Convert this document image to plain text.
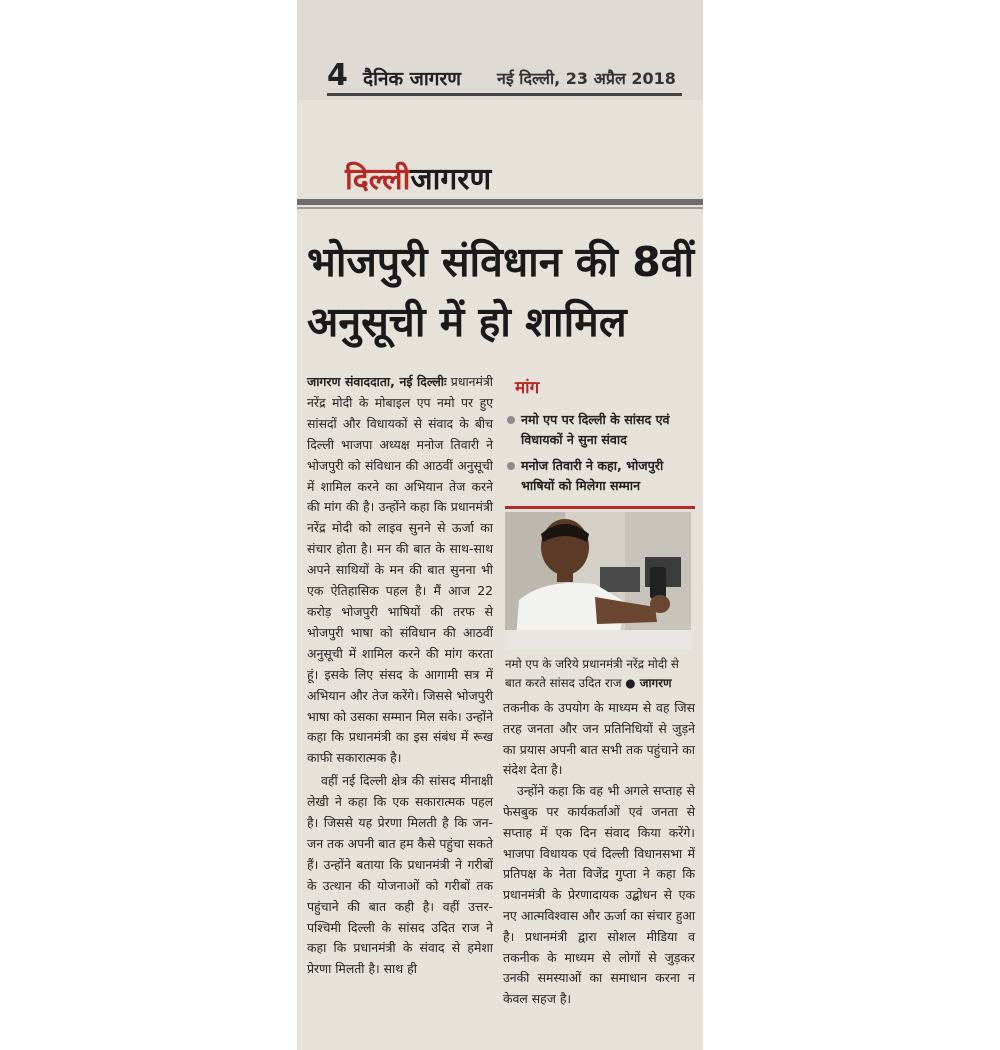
4 दैनिक जागरण नई दिल्ली, 23 अप्रैल 2018
दिल्लीजागरण
भोजपुरी संविधान की 8वीं
अनुसूची में हो शामिल

जागरण संवाददाता, नई दिल्लीः प्रधानमंत्री नरेंद्र मोदी के मोबाइल एप नमो पर हुए सांसदों और विधायकों से संवाद के बीच दिल्ली भाजपा अध्यक्ष मनोज तिवारी ने भोजपुरी को संविधान की आठवीं अनुसूची में शामिल करने का अभियान तेज करने की मांग की है। उन्होंने कहा कि प्रधानमंत्री नरेंद्र मोदी को लाइव सुनने से ऊर्जा का संचार होता है। मन की बात के साथ-साथ अपने साथियों के मन की बात सुनना भी एक ऐतिहासिक पहल है। मैं आज 22 करोड़ भोजपुरी भाषियों की तरफ से भोजपुरी भाषा को संविधान की आठवीं अनुसूची में शामिल करने की मांग करता हूं। इसके लिए संसद के आगामी सत्र में अभियान और तेज करेंगे। जिससे भोजपुरी भाषा को उसका सम्मान मिल सके। उन्होंने कहा कि प्रधानमंत्री का इस संबंध में रूख काफी सकारात्मक है।

वहीं नई दिल्ली क्षेत्र की सांसद मीनाक्षी लेखी ने कहा कि एक सकारात्मक पहल है। जिससे यह प्रेरणा मिलती है कि जन-जन तक अपनी बात हम कैसे पहुंचा सकते हैं। उन्होंने बताया कि प्रधानमंत्री ने गरीबों के उत्थान की योजनाओं को गरीबों तक पहुंचाने की बात कही है। वहीं उत्तर-पश्चिमी दिल्ली के सांसद उदित राज ने कहा कि प्रधानमंत्री के संवाद से हमेशा प्रेरणा मिलती है। साथ ही

मांग
नमो एप पर दिल्ली के सांसद एवं विधायकों ने सुना संवाद
मनोज तिवारी ने कहा, भोजपुरी भाषियों को मिलेगा सम्मान
नमो एप के जरिये प्रधानमंत्री नरेंद्र मोदी से बात करते सांसद उदित राज ● जागरण

तकनीक के उपयोग के माध्यम से वह जिस तरह जनता और जन प्रतिनिधियों से जुड़ने का प्रयास अपनी बात सभी तक पहुंचाने का संदेश देता है।

उन्होंने कहा कि वह भी अगले सप्ताह से फेसबुक पर कार्यकर्ताओं एवं जनता से सप्ताह में एक दिन संवाद किया करेंगे। भाजपा विधायक एवं दिल्ली विधानसभा में प्रतिपक्ष के नेता विजेंद्र गुप्ता ने कहा कि प्रधानमंत्री के प्रेरणादायक उद्बोधन से एक नए आत्मविश्वास और ऊर्जा का संचार हुआ है। प्रधानमंत्री द्वारा सोशल मीडिया व तकनीक के माध्यम से लोगों से जुड़कर उनकी समस्याओं का समाधान करना न केवल सहज है।
